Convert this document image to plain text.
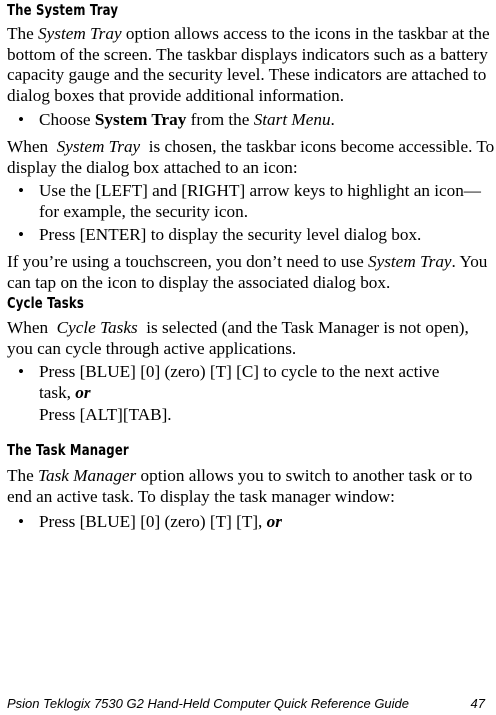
The System Tray
The System Tray option allows access to the icons in the taskbar at the bottom of the screen. The taskbar displays indicators such as a battery capacity gauge and the security level. These indicators are attached to dialog boxes that provide additional information.
• Choose System Tray from the Start Menu.
When  System Tray  is chosen, the taskbar icons become accessible. To display the dialog box attached to an icon:
• Use the [LEFT] and [RIGHT] arrow keys to highlight an icon—for example, the security icon.
• Press [ENTER] to display the security level dialog box.
If you’re using a touchscreen, you don’t need to use System Tray. You can tap on the icon to display the associated dialog box.
Cycle Tasks
When  Cycle Tasks  is selected (and the Task Manager is not open), you can cycle through active applications.
• Press [BLUE] [0] (zero) [T] [C] to cycle to the next active task, or
Press [ALT][TAB].
The Task Manager
The Task Manager option allows you to switch to another task or to end an active task. To display the task manager window:
• Press [BLUE] [0] (zero) [T] [T], or
Psion Teklogix 7530 G2 Hand-Held Computer Quick Reference Guide	47
